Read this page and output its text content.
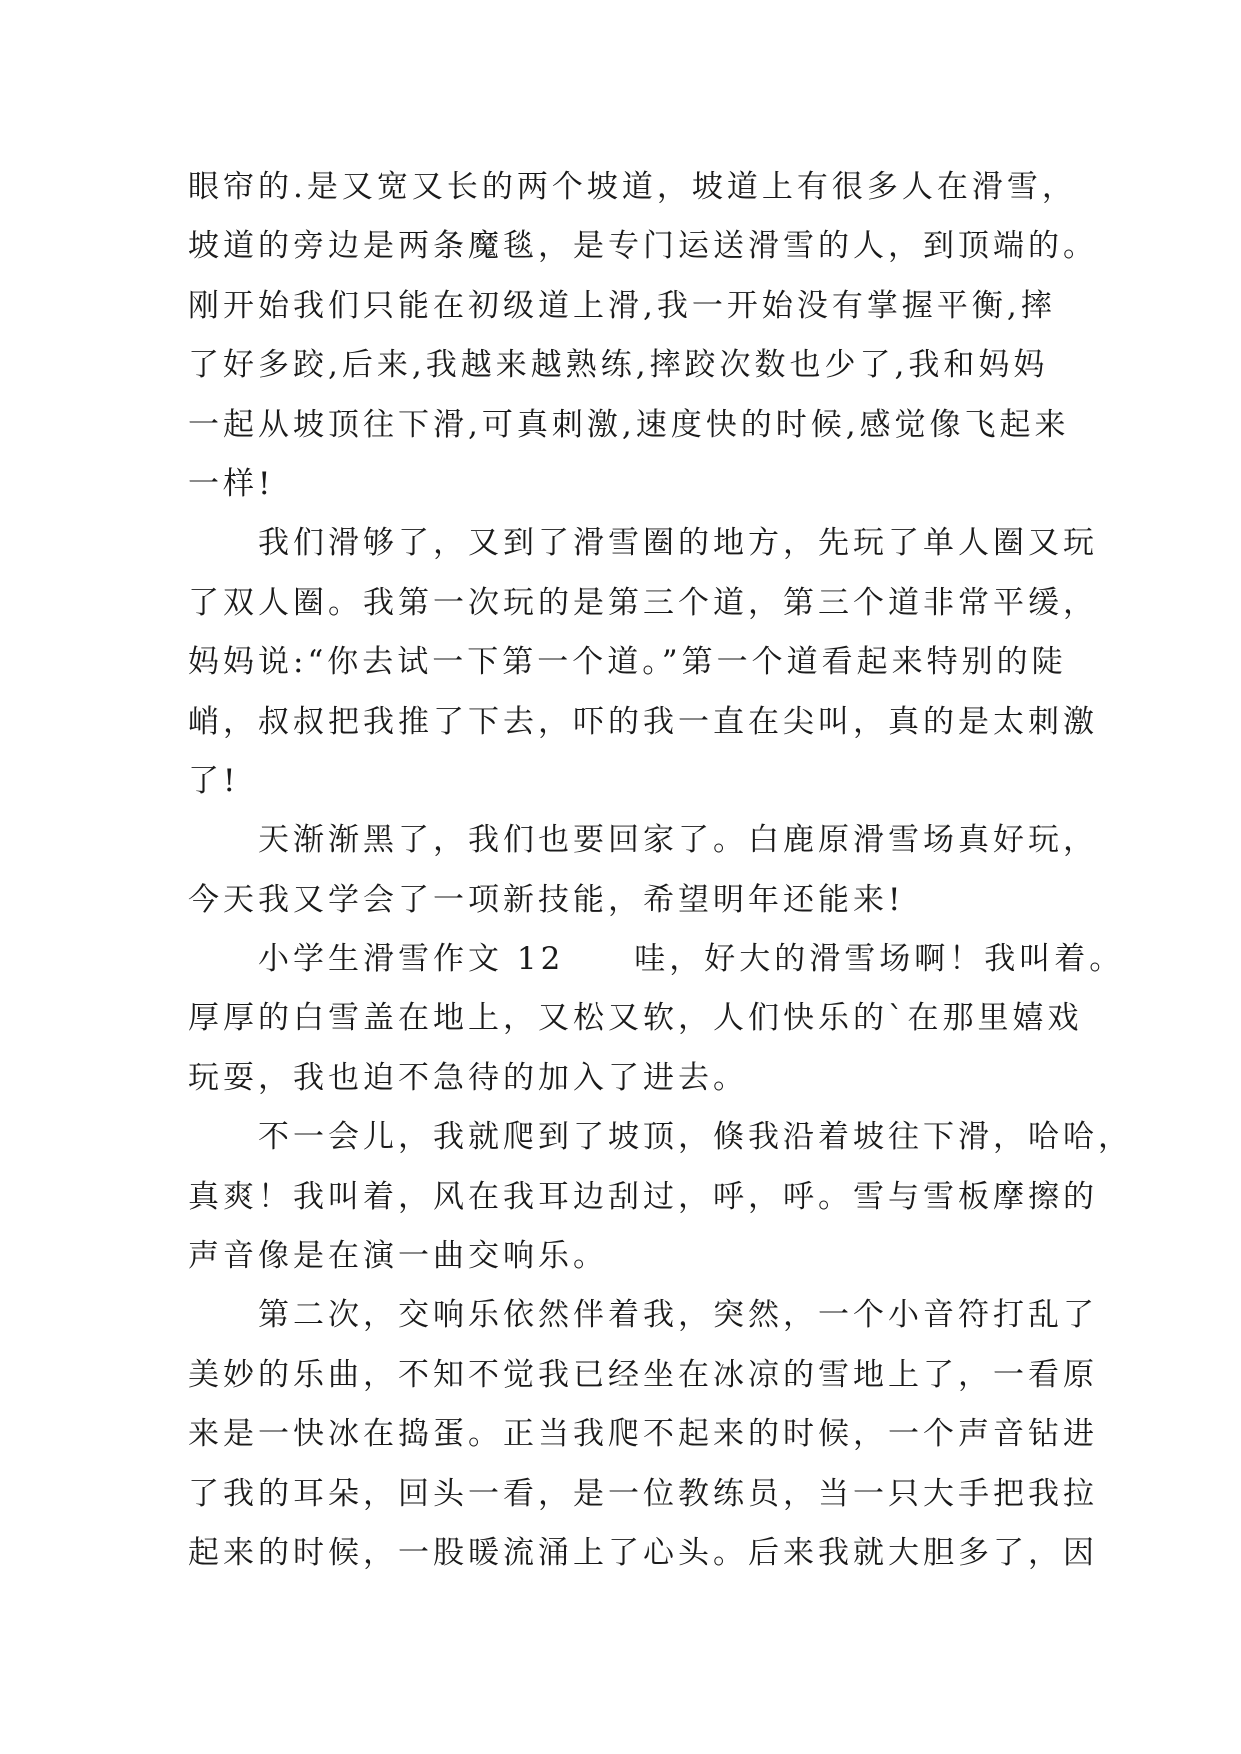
眼帘的.是又宽又长的两个坡道，坡道上有很多人在滑雪，
坡道的旁边是两条魔毯，是专门运送滑雪的人，到顶端的。
刚开始我们只能在初级道上滑,我一开始没有掌握平衡,摔
了好多跤,后来,我越来越熟练,摔跤次数也少了,我和妈妈
一起从坡顶往下滑,可真刺激,速度快的时候,感觉像飞起来
一样!
　　我们滑够了，又到了滑雪圈的地方，先玩了单人圈又玩
了双人圈。我第一次玩的是第三个道，第三个道非常平缓，
妈妈说:“你去试一下第一个道。”第一个道看起来特别的陡
峭，叔叔把我推了下去，吓的我一直在尖叫，真的是太刺激
了!
　　天渐渐黑了，我们也要回家了。白鹿原滑雪场真好玩，
今天我又学会了一项新技能，希望明年还能来!
　　小学生滑雪作文 12　　哇，好大的滑雪场啊！我叫着。
厚厚的白雪盖在地上，又松又软，人们快乐的`在那里嬉戏
玩耍，我也迫不急待的加入了进去。
　　不一会儿，我就爬到了坡顶，倏我沿着坡往下滑，哈哈，
真爽！我叫着，风在我耳边刮过，呼，呼。雪与雪板摩擦的
声音像是在演一曲交响乐。
　　第二次，交响乐依然伴着我，突然，一个小音符打乱了
美妙的乐曲，不知不觉我已经坐在冰凉的雪地上了，一看原
来是一快冰在捣蛋。正当我爬不起来的时候，一个声音钻进
了我的耳朵，回头一看，是一位教练员，当一只大手把我拉
起来的时候，一股暖流涌上了心头。后来我就大胆多了，因
